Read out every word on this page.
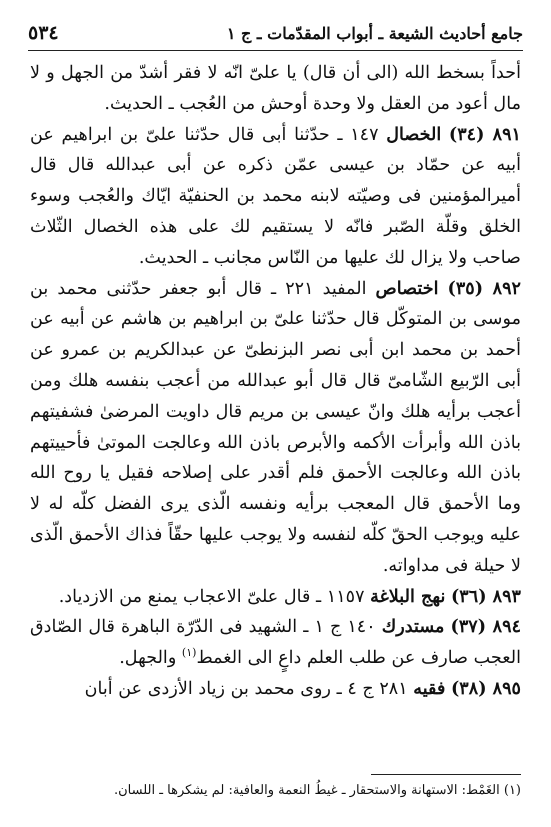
٥٣٤	جامع أحاديث الشيعة ـ أبواب المقدّمات ـ ج ١

أحداً بسخط الله (الى أن قال) يا علىّ انّه لا فقر أشدّ من الجهل و لا مال أعود من العقل ولا وحدة أوحش من العُجب ـ الحديث.

٨٩١ (٣٤) الخصال ١٤٧ ـ حدّثنا أبى قال حدّثنا علىّ بن ابراهيم عن أبيه عن حمّاد بن عيسى عمّن ذكره عن أبى عبدالله قال قال أميرالمؤمنين فى وصيّته لابنه محمد بن الحنفيّة ايّاك والعُجب وسوء الخلق وقلّة الصّبر فانّه لا يستقيم لك على هذه الخصال الثّلاث صاحب ولا يزال لك عليها من النّاس مجانب ـ الحديث.

٨٩٢ (٣٥) اختصاص المفيد ٢٢١ ـ قال أبو جعفر حدّثنى محمد بن موسى بن المتوكّل قال حدّثنا علىّ بن ابراهيم بن هاشم عن أبيه عن أحمد بن محمد ابن أبى نصر البزنطىّ عن عبدالكريم بن عمرو عن أبى الرّبيع الشّامىّ قال قال أبو عبدالله من أعجب بنفسه هلك ومن أعجب برأيه هلك وانّ عيسى بن مريم قال داويت المرضىٰ فشفيتهم باذن الله وأبرأت الأكمه والأبرص باذن الله وعالجت الموتىٰ فأحييتهم باذن الله وعالجت الأحمق فلم أقدر على إصلاحه فقيل يا روح الله وما الأحمق قال المعجب برأيه ونفسه الّذى يرى الفضل كلّه له لا عليه ويوجب الحقّ كلّه لنفسه ولا يوجب عليها حقّاً فذاك الأحمق الّذى لا حيلة فى مداواته.

٨٩٣ (٣٦) نهج البلاغة ١١٥٧ ـ قال علىّ الاعجاب يمنع من الازدياد.

٨٩٤ (٣٧) مستدرك ١٤٠ ج ١ ـ الشهيد فى الدّرّة الباهرة قال الصّادق العجب صارف عن طلب العلم داعٍ الى الغمط$^{(١)}$ والجهل.

٨٩٥ (٣٨) فقيه ٢٨١ ج ٤ ـ روى محمد بن زياد الأزدى عن أبان

(١) الغَمْط: الاستهانة والاستحقار ـ غيطُ النعمة والعافية: لم يشكرها ـ اللسان.
